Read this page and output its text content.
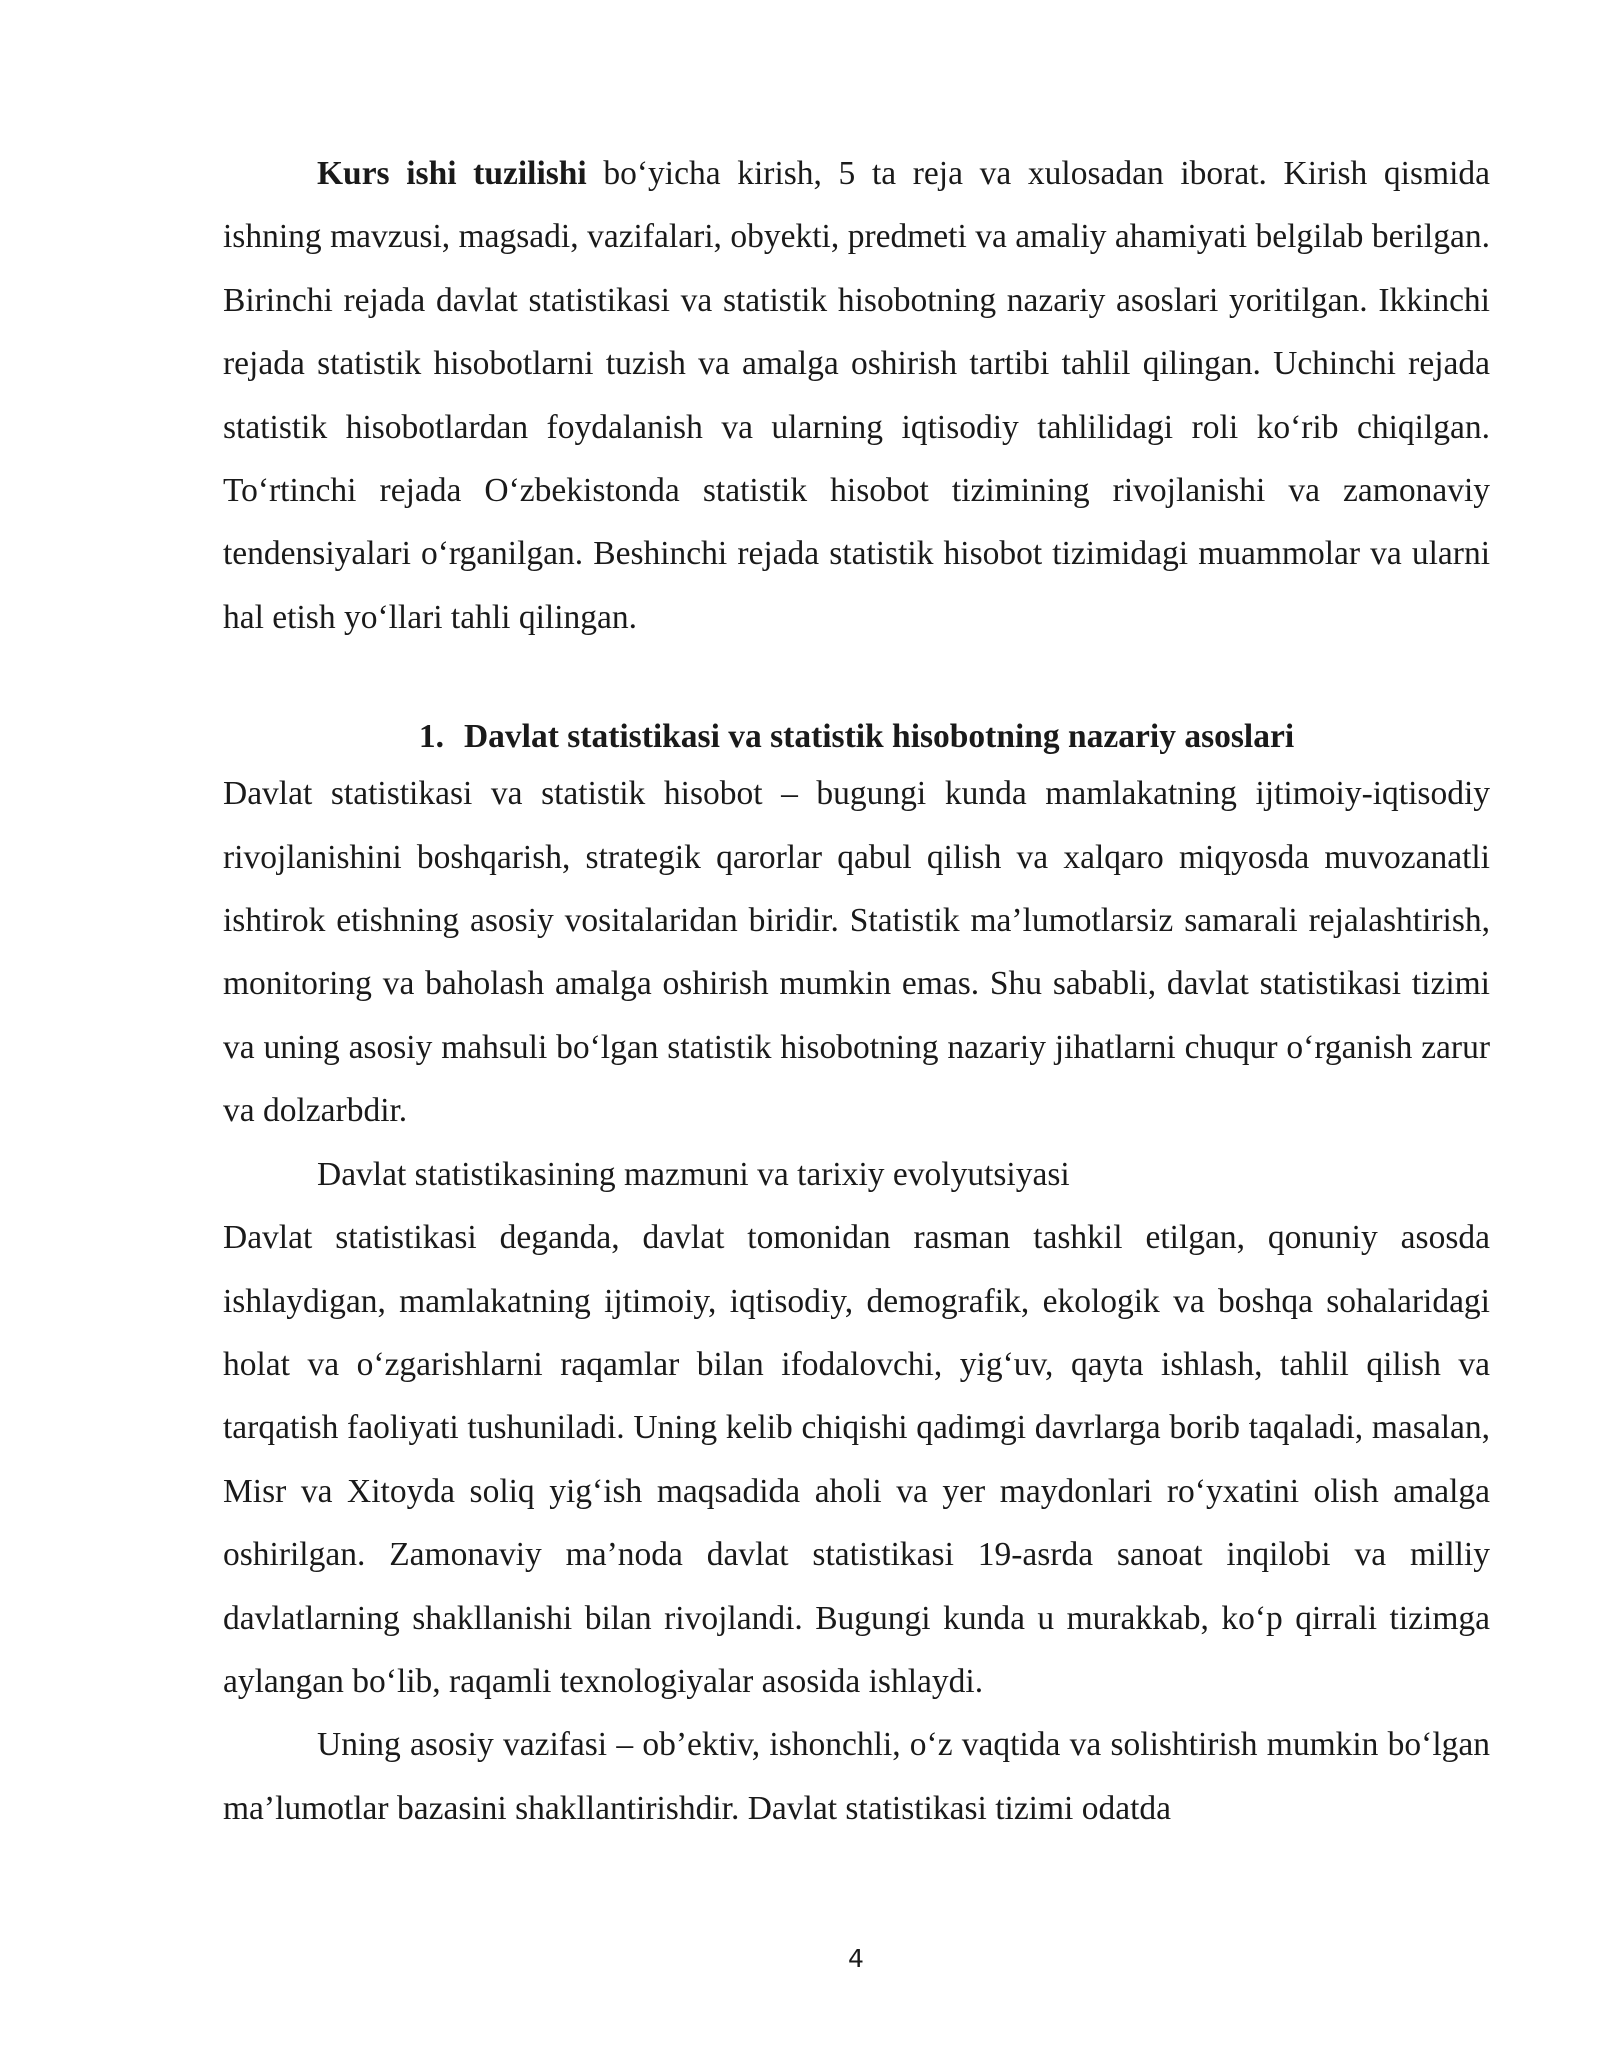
Kurs ishi tuzilishi bo‘yicha kirish, 5 ta reja va xulosadan iborat. Kirish qismida ishning mavzusi, magsadi, vazifalari, obyekti, predmeti va amaliy ahamiyati belgilab berilgan. Birinchi rejada davlat statistikasi va statistik hisobotning nazariy asoslari yoritilgan. Ikkinchi rejada statistik hisobotlarni tuzish va amalga oshirish tartibi tahlil qilingan. Uchinchi rejada statistik hisobotlardan foydalanish va ularning iqtisodiy tahlilidagi roli ko‘rib chiqilgan. To‘rtinchi rejada O‘zbekistonda statistik hisobot tizimining rivojlanishi va zamonaviy tendensiyalari o‘rganilgan. Beshinchi rejada statistik hisobot tizimidagi muammolar va ularni hal etish yo‘llari tahli qilingan.

1. Davlat statistikasi va statistik hisobotning nazariy asoslari

Davlat statistikasi va statistik hisobot – bugungi kunda mamlakatning ijtimoiy-iqtisodiy rivojlanishini boshqarish, strategik qarorlar qabul qilish va xalqaro miqyosda muvozanatli ishtirok etishning asosiy vositalaridan biridir. Statistik ma’lumotlarsiz samarali rejalashtirish, monitoring va baholash amalga oshirish mumkin emas. Shu sababli, davlat statistikasi tizimi va uning asosiy mahsuli bo‘lgan statistik hisobotning nazariy jihatlarni chuqur o‘rganish zarur va dolzarbdir.

Davlat statistikasining mazmuni va tarixiy evolyutsiyasi

Davlat statistikasi deganda, davlat tomonidan rasman tashkil etilgan, qonuniy asosda ishlaydigan, mamlakatning ijtimoiy, iqtisodiy, demografik, ekologik va boshqa sohalaridagi holat va o‘zgarishlarni raqamlar bilan ifodalovchi, yig‘uv, qayta ishlash, tahlil qilish va tarqatish faoliyati tushuniladi. Uning kelib chiqishi qadimgi davrlarga borib taqaladi, masalan, Misr va Xitoyda soliq yig‘ish maqsadida aholi va yer maydonlari ro‘yxatini olish amalga oshirilgan. Zamonaviy ma’noda davlat statistikasi 19-asrda sanoat inqilobi va milliy davlatlarning shakllanishi bilan rivojlandi. Bugungi kunda u murakkab, ko‘p qirrali tizimga aylangan bo‘lib, raqamli texnologiyalar asosida ishlaydi.

Uning asosiy vazifasi – ob’ektiv, ishonchli, o‘z vaqtida va solishtirish mumkin bo‘lgan ma’lumotlar bazasini shakllantirishdir. Davlat statistikasi tizimi odatda

4
